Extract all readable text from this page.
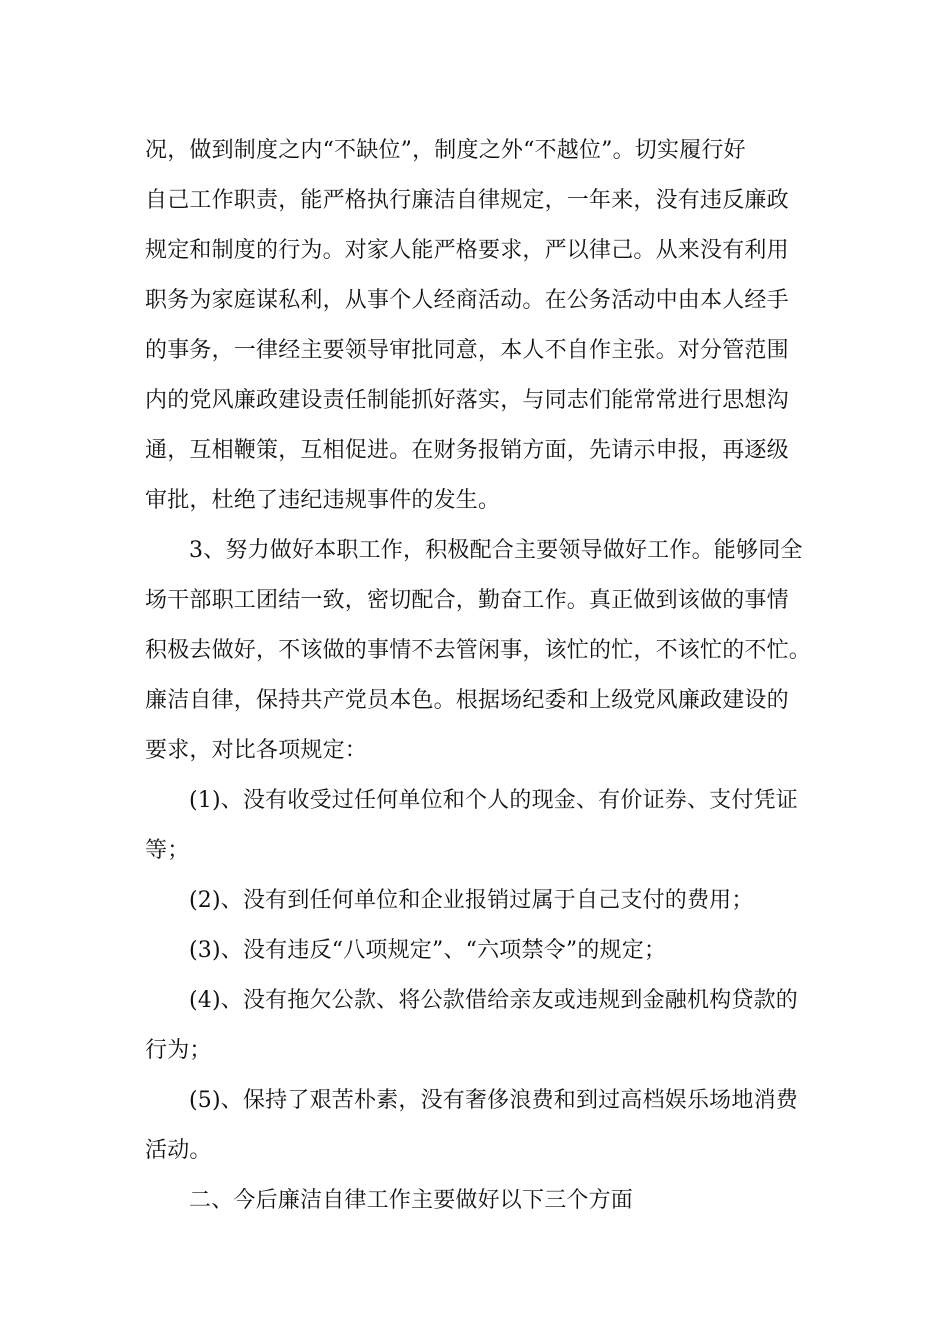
况，做到制度之内“不缺位”，制度之外“不越位”。切实履行好
自己工作职责，能严格执行廉洁自律规定，一年来，没有违反廉政
规定和制度的行为。对家人能严格要求，严以律己。从来没有利用
职务为家庭谋私利，从事个人经商活动。在公务活动中由本人经手
的事务，一律经主要领导审批同意，本人不自作主张。对分管范围
内的党风廉政建设责任制能抓好落实，与同志们能常常进行思想沟
通，互相鞭策，互相促进。在财务报销方面，先请示申报，再逐级
审批，杜绝了违纪违规事件的发生。
3、努力做好本职工作，积极配合主要领导做好工作。能够同全
场干部职工团结一致，密切配合，勤奋工作。真正做到该做的事情
积极去做好，不该做的事情不去管闲事，该忙的忙，不该忙的不忙。
廉洁自律，保持共产党员本色。根据场纪委和上级党风廉政建设的
要求，对比各项规定：
(1)、没有收受过任何单位和个人的现金、有价证券、支付凭证
等；
(2)、没有到任何单位和企业报销过属于自己支付的费用；
(3)、没有违反“八项规定”、“六项禁令”的规定；
(4)、没有拖欠公款、将公款借给亲友或违规到金融机构贷款的
行为；
(5)、保持了艰苦朴素，没有奢侈浪费和到过高档娱乐场地消费
活动。
二、今后廉洁自律工作主要做好以下三个方面
